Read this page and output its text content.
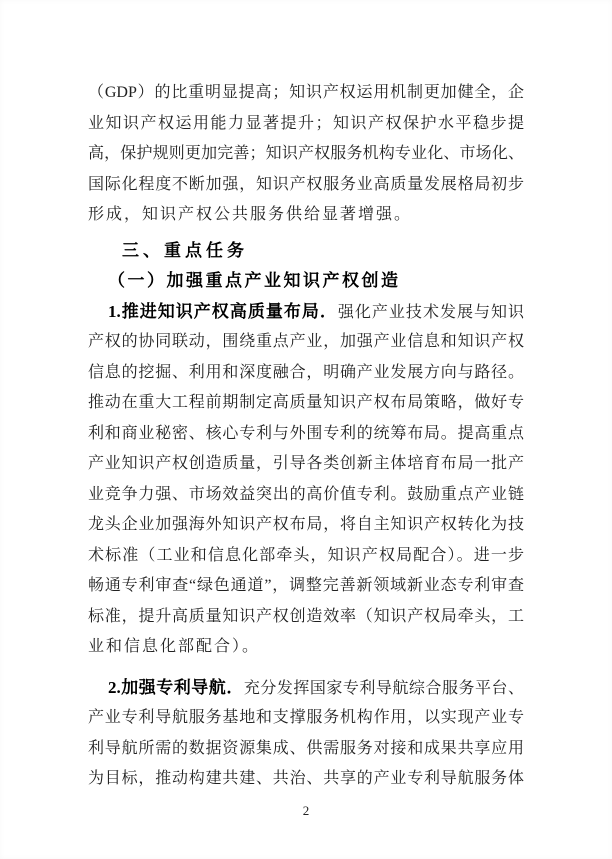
（GDP）的比重明显提高；知识产权运用机制更加健全，企
业知识产权运用能力显著提升；知识产权保护水平稳步提
高，保护规则更加完善；知识产权服务机构专业化、市场化、
国际化程度不断加强，知识产权服务业高质量发展格局初步
形成，知识产权公共服务供给显著增强。
三、重点任务
（一）加强重点产业知识产权创造
1.推进知识产权高质量布局．强化产业技术发展与知识
产权的协同联动，围绕重点产业，加强产业信息和知识产权
信息的挖掘、利用和深度融合，明确产业发展方向与路径。
推动在重大工程前期制定高质量知识产权布局策略，做好专
利和商业秘密、核心专利与外围专利的统筹布局。提高重点
产业知识产权创造质量，引导各类创新主体培育布局一批产
业竞争力强、市场效益突出的高价值专利。鼓励重点产业链
龙头企业加强海外知识产权布局，将自主知识产权转化为技
术标准（工业和信息化部牵头，知识产权局配合）。进一步
畅通专利审查“绿色通道”，调整完善新领域新业态专利审查
标准，提升高质量知识产权创造效率（知识产权局牵头，工
业和信息化部配合）。
2.加强专利导航．充分发挥国家专利导航综合服务平台、
产业专利导航服务基地和支撑服务机构作用，以实现产业专
利导航所需的数据资源集成、供需服务对接和成果共享应用
为目标，推动构建共建、共治、共享的产业专利导航服务体
2
